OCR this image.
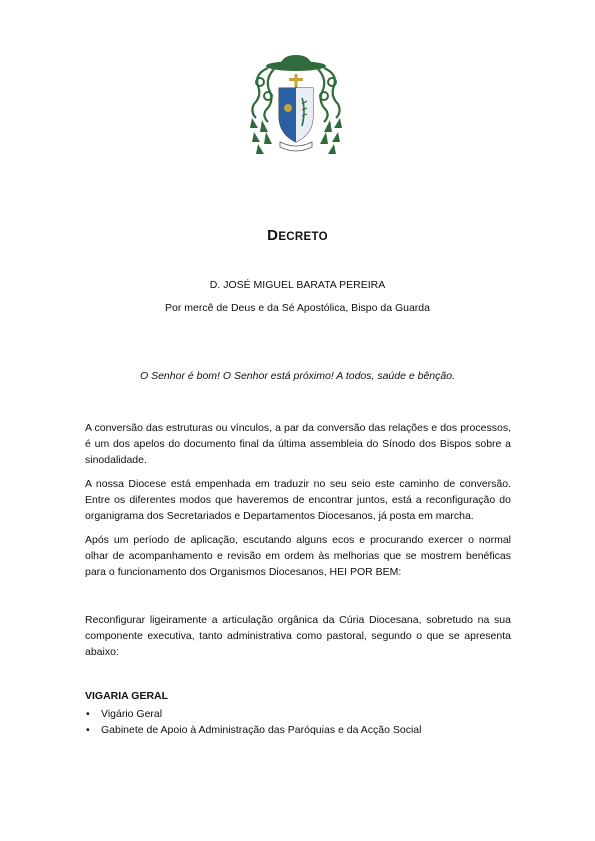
DECRETO
D. JOSÉ MIGUEL BARATA PEREIRA
Por mercê de Deus e da Sé Apostólica, Bispo da Guarda
O Senhor é bom! O Senhor está próximo! A todos, saúde e bênção.

A conversão das estruturas ou vínculos, a par da conversão das relações e dos processos, é um dos apelos do documento final da última assembleia do Sínodo dos Bispos sobre a sinodalidade.

A nossa Diocese está empenhada em traduzir no seu seio este caminho de conversão. Entre os diferentes modos que haveremos de encontrar juntos, está a reconfiguração do organigrama dos Secretariados e Departamentos Diocesanos, já posta em marcha.

Após um período de aplicação, escutando alguns ecos e procurando exercer o normal olhar de acompanhamento e revisão em ordem às melhorias que se mostrem benéficas para o funcionamento dos Organismos Diocesanos, HEI POR BEM:

Reconfigurar ligeiramente a articulação orgânica da Cúria Diocesana, sobretudo na sua componente executiva, tanto administrativa como pastoral, segundo o que se apresenta abaixo:

VIGARIA GERAL
• Vigário Geral
• Gabinete de Apoio à Administração das Paróquias e da Acção Social
